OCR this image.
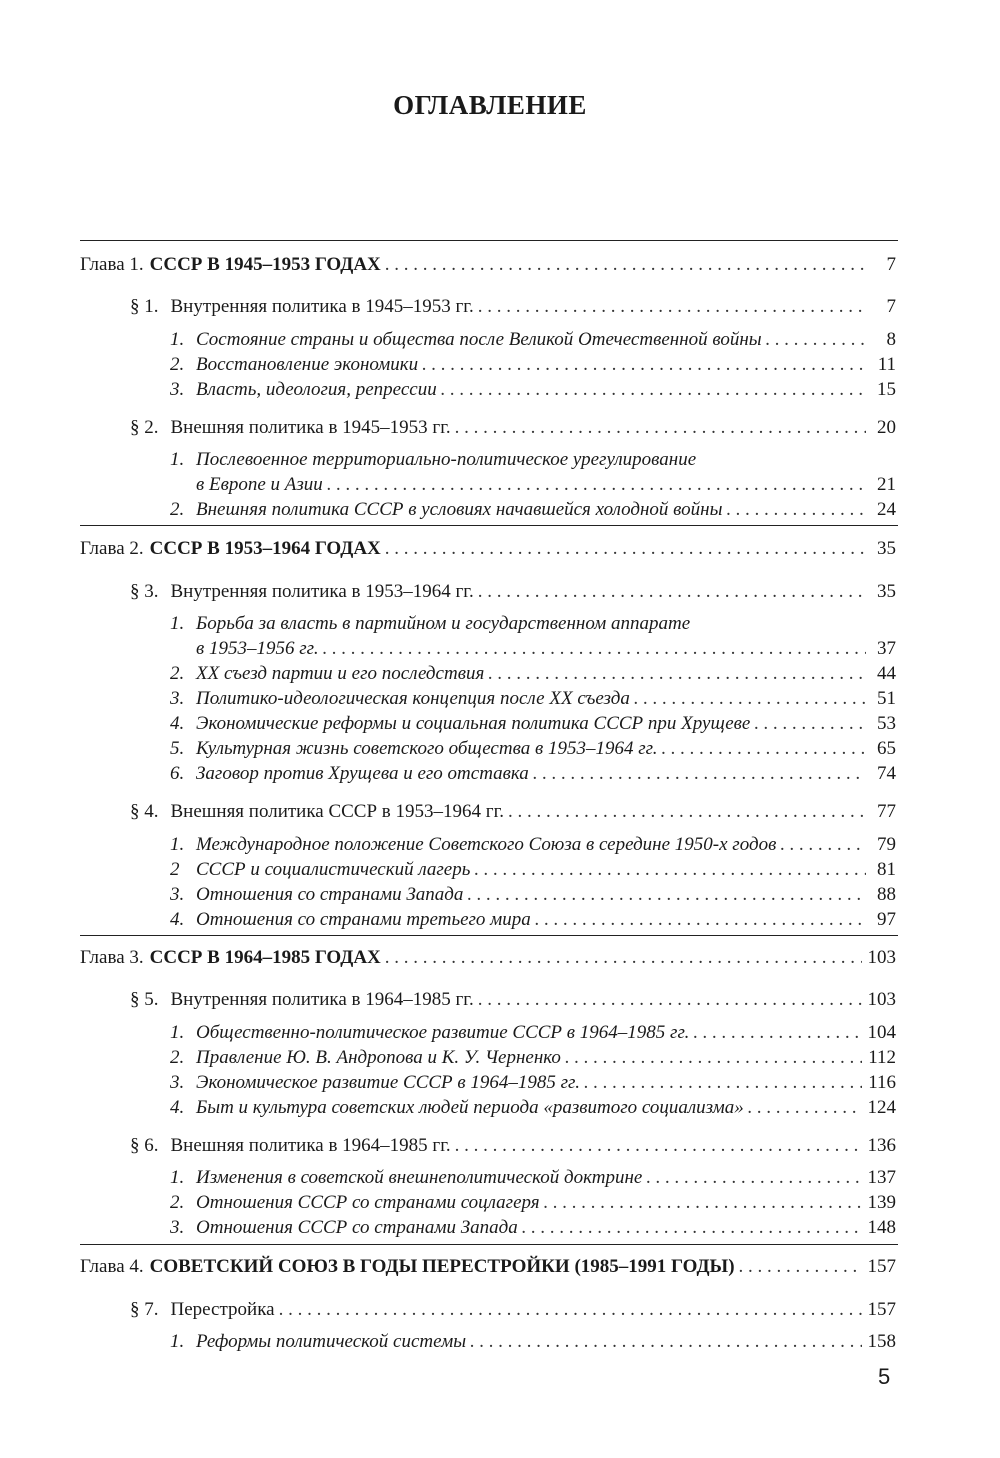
ОГЛАВЛЕНИЕ
Глава 1. СССР В 1945–1953 ГОДАХ . . .	7
§ 1. Внутренняя политика в 1945–1953 гг. . . .	7
1. Состояние страны и общества после Великой Отечественной войны . . .	8
2. Восстановление экономики . . .	11
3. Власть, идеология, репрессии . . .	15
§ 2. Внешняя политика в 1945–1953 гг. . . .	20
1. Послевоенное территориально-политическое урегулирование
в Европе и Азии . . .	21
2. Внешняя политика СССР в условиях начавшейся холодной войны . . .	24
Глава 2. СССР В 1953–1964 ГОДАХ . . .	35
§ 3. Внутренняя политика в 1953–1964 гг. . . .	35
1. Борьба за власть в партийном и государственном аппарате
в 1953–1956 гг. . . .	37
2. XX съезд партии и его последствия . . .	44
3. Политико-идеологическая концепция после XX съезда . . .	51
4. Экономические реформы и социальная политика СССР при Хрущеве . . .	53
5. Культурная жизнь советского общества в 1953–1964 гг. . . .	65
6. Заговор против Хрущева и его отставка . . .	74
§ 4. Внешняя политика СССР в 1953–1964 гг. . . .	77
1. Международное положение Советского Союза в середине 1950-х годов . . .	79
2 СССР и социалистический лагерь . . .	81
3. Отношения со странами Запада . . .	88
4. Отношения со странами третьего мира . . .	97
Глава 3. СССР В 1964–1985 ГОДАХ . . .	103
§ 5. Внутренняя политика в 1964–1985 гг. . . .	103
1. Общественно-политическое развитие СССР в 1964–1985 гг. . . .	104
2. Правление Ю. В. Андропова и К. У. Черненко . . .	112
3. Экономическое развитие СССР в 1964–1985 гг. . . .	116
4. Быт и культура советских людей периода «развитого социализма» . . .	124
§ 6. Внешняя политика в 1964–1985 гг. . . .	136
1. Изменения в советской внешнеполитической доктрине . . .	137
2. Отношения СССР со странами соцлагеря . . .	139
3. Отношения СССР со странами Запада . . .	148
Глава 4. СОВЕТСКИЙ СОЮЗ В ГОДЫ ПЕРЕСТРОЙКИ (1985–1991 ГОДЫ) . . .	157
§ 7. Перестройка . . .	157
1. Реформы политической системы . . .	158
5
